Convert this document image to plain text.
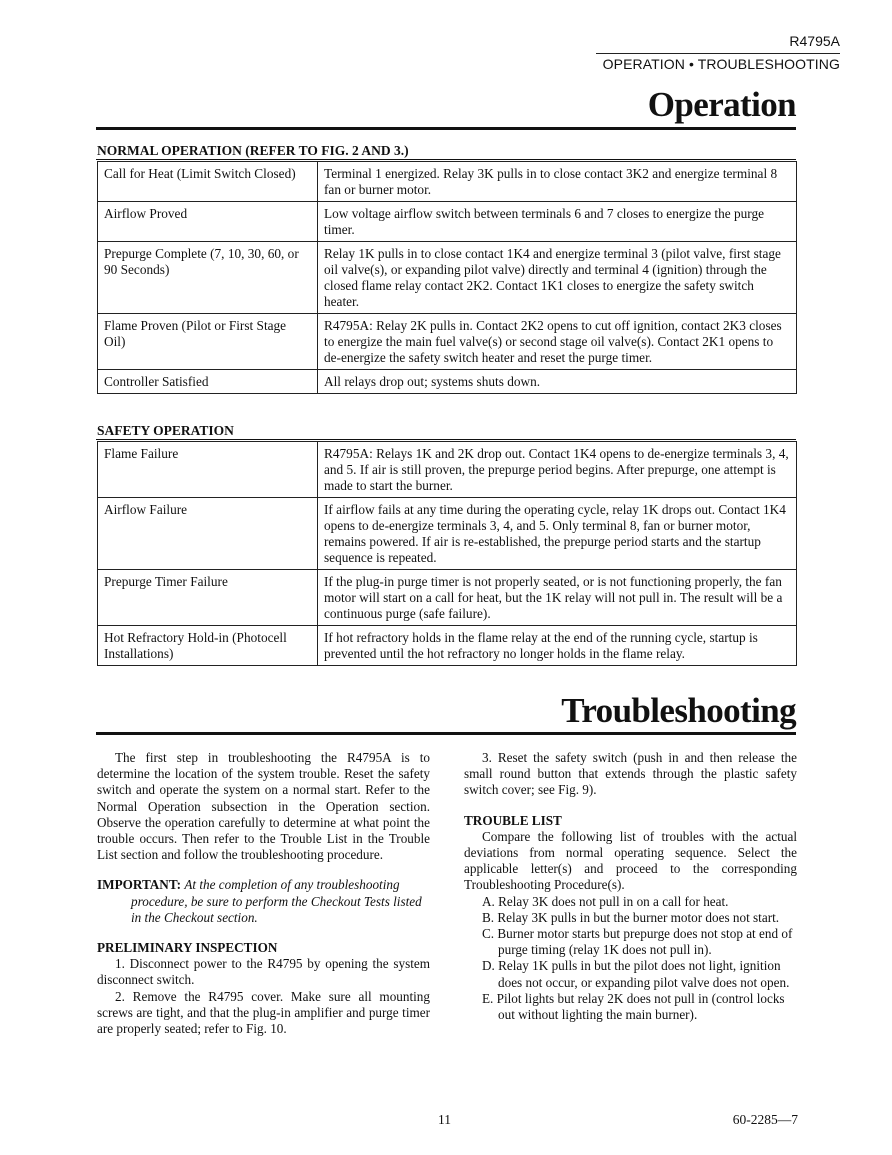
R4795A
OPERATION • TROUBLESHOOTING
Operation
NORMAL OPERATION (REFER TO FIG. 2 AND 3.)
Call for Heat (Limit Switch Closed)	Terminal 1 energized. Relay 3K pulls in to close contact 3K2 and energize terminal 8 fan or burner motor.
Airflow Proved	Low voltage airflow switch between terminals 6 and 7 closes to energize the purge timer.
Prepurge Complete (7, 10, 30, 60, or 90 Seconds)	Relay 1K pulls in to close contact 1K4 and energize terminal 3 (pilot valve, first stage oil valve(s), or expanding pilot valve) directly and terminal 4 (ignition) through the closed flame relay contact 2K2. Contact 1K1 closes to energize the safety switch heater.
Flame Proven (Pilot or First Stage Oil)	R4795A: Relay 2K pulls in. Contact 2K2 opens to cut off ignition, contact 2K3 closes to energize the main fuel valve(s) or second stage oil valve(s). Contact 2K1 opens to de-energize the safety switch heater and reset the purge timer.
Controller Satisfied	All relays drop out; systems shuts down.
SAFETY OPERATION
Flame Failure	R4795A: Relays 1K and 2K drop out. Contact 1K4 opens to de-energize terminals 3, 4, and 5. If air is still proven, the prepurge period begins. After prepurge, one attempt is made to start the burner.
Airflow Failure	If airflow fails at any time during the operating cycle, relay 1K drops out. Contact 1K4 opens to de-energize terminals 3, 4, and 5. Only terminal 8, fan or burner motor, remains powered. If air is re-established, the prepurge period starts and the startup sequence is repeated.
Prepurge Timer Failure	If the plug-in purge timer is not properly seated, or is not functioning properly, the fan motor will start on a call for heat, but the 1K relay will not pull in. The result will be a continuous purge (safe failure).
Hot Refractory Hold-in (Photocell Installations)	If hot refractory holds in the flame relay at the end of the running cycle, startup is prevented until the hot refractory no longer holds in the flame relay.
Troubleshooting

The first step in troubleshooting the R4795A is to determine the location of the system trouble. Reset the safety switch and operate the system on a normal start. Refer to the Normal Operation subsection in the Operation section. Observe the operation carefully to determine at what point the trouble occurs. Then refer to the Trouble List in the Trouble List section and follow the troubleshooting procedure.

IMPORTANT: At the completion of any troubleshooting procedure, be sure to perform the Checkout Tests listed in the Checkout section.

PRELIMINARY INSPECTION

1. Disconnect power to the R4795 by opening the system disconnect switch.

2. Remove the R4795 cover. Make sure all mounting screws are tight, and that the plug-in amplifier and purge timer are properly seated; refer to Fig. 10.

3. Reset the safety switch (push in and then release the small round button that extends through the plastic safety switch cover; see Fig. 9).

TROUBLE LIST

Compare the following list of troubles with the actual deviations from normal operating sequence. Select the applicable letter(s) and proceed to the corresponding Troubleshooting Procedure(s).

A. Relay 3K does not pull in on a call for heat.
B. Relay 3K pulls in but the burner motor does not start.
C. Burner motor starts but prepurge does not stop at end of purge timing (relay 1K does not pull in).
D. Relay 1K pulls in but the pilot does not light, ignition does not occur, or expanding pilot valve does not open.
E. Pilot lights but relay 2K does not pull in (control locks out without lighting the main burner).
11	60-2285—7
